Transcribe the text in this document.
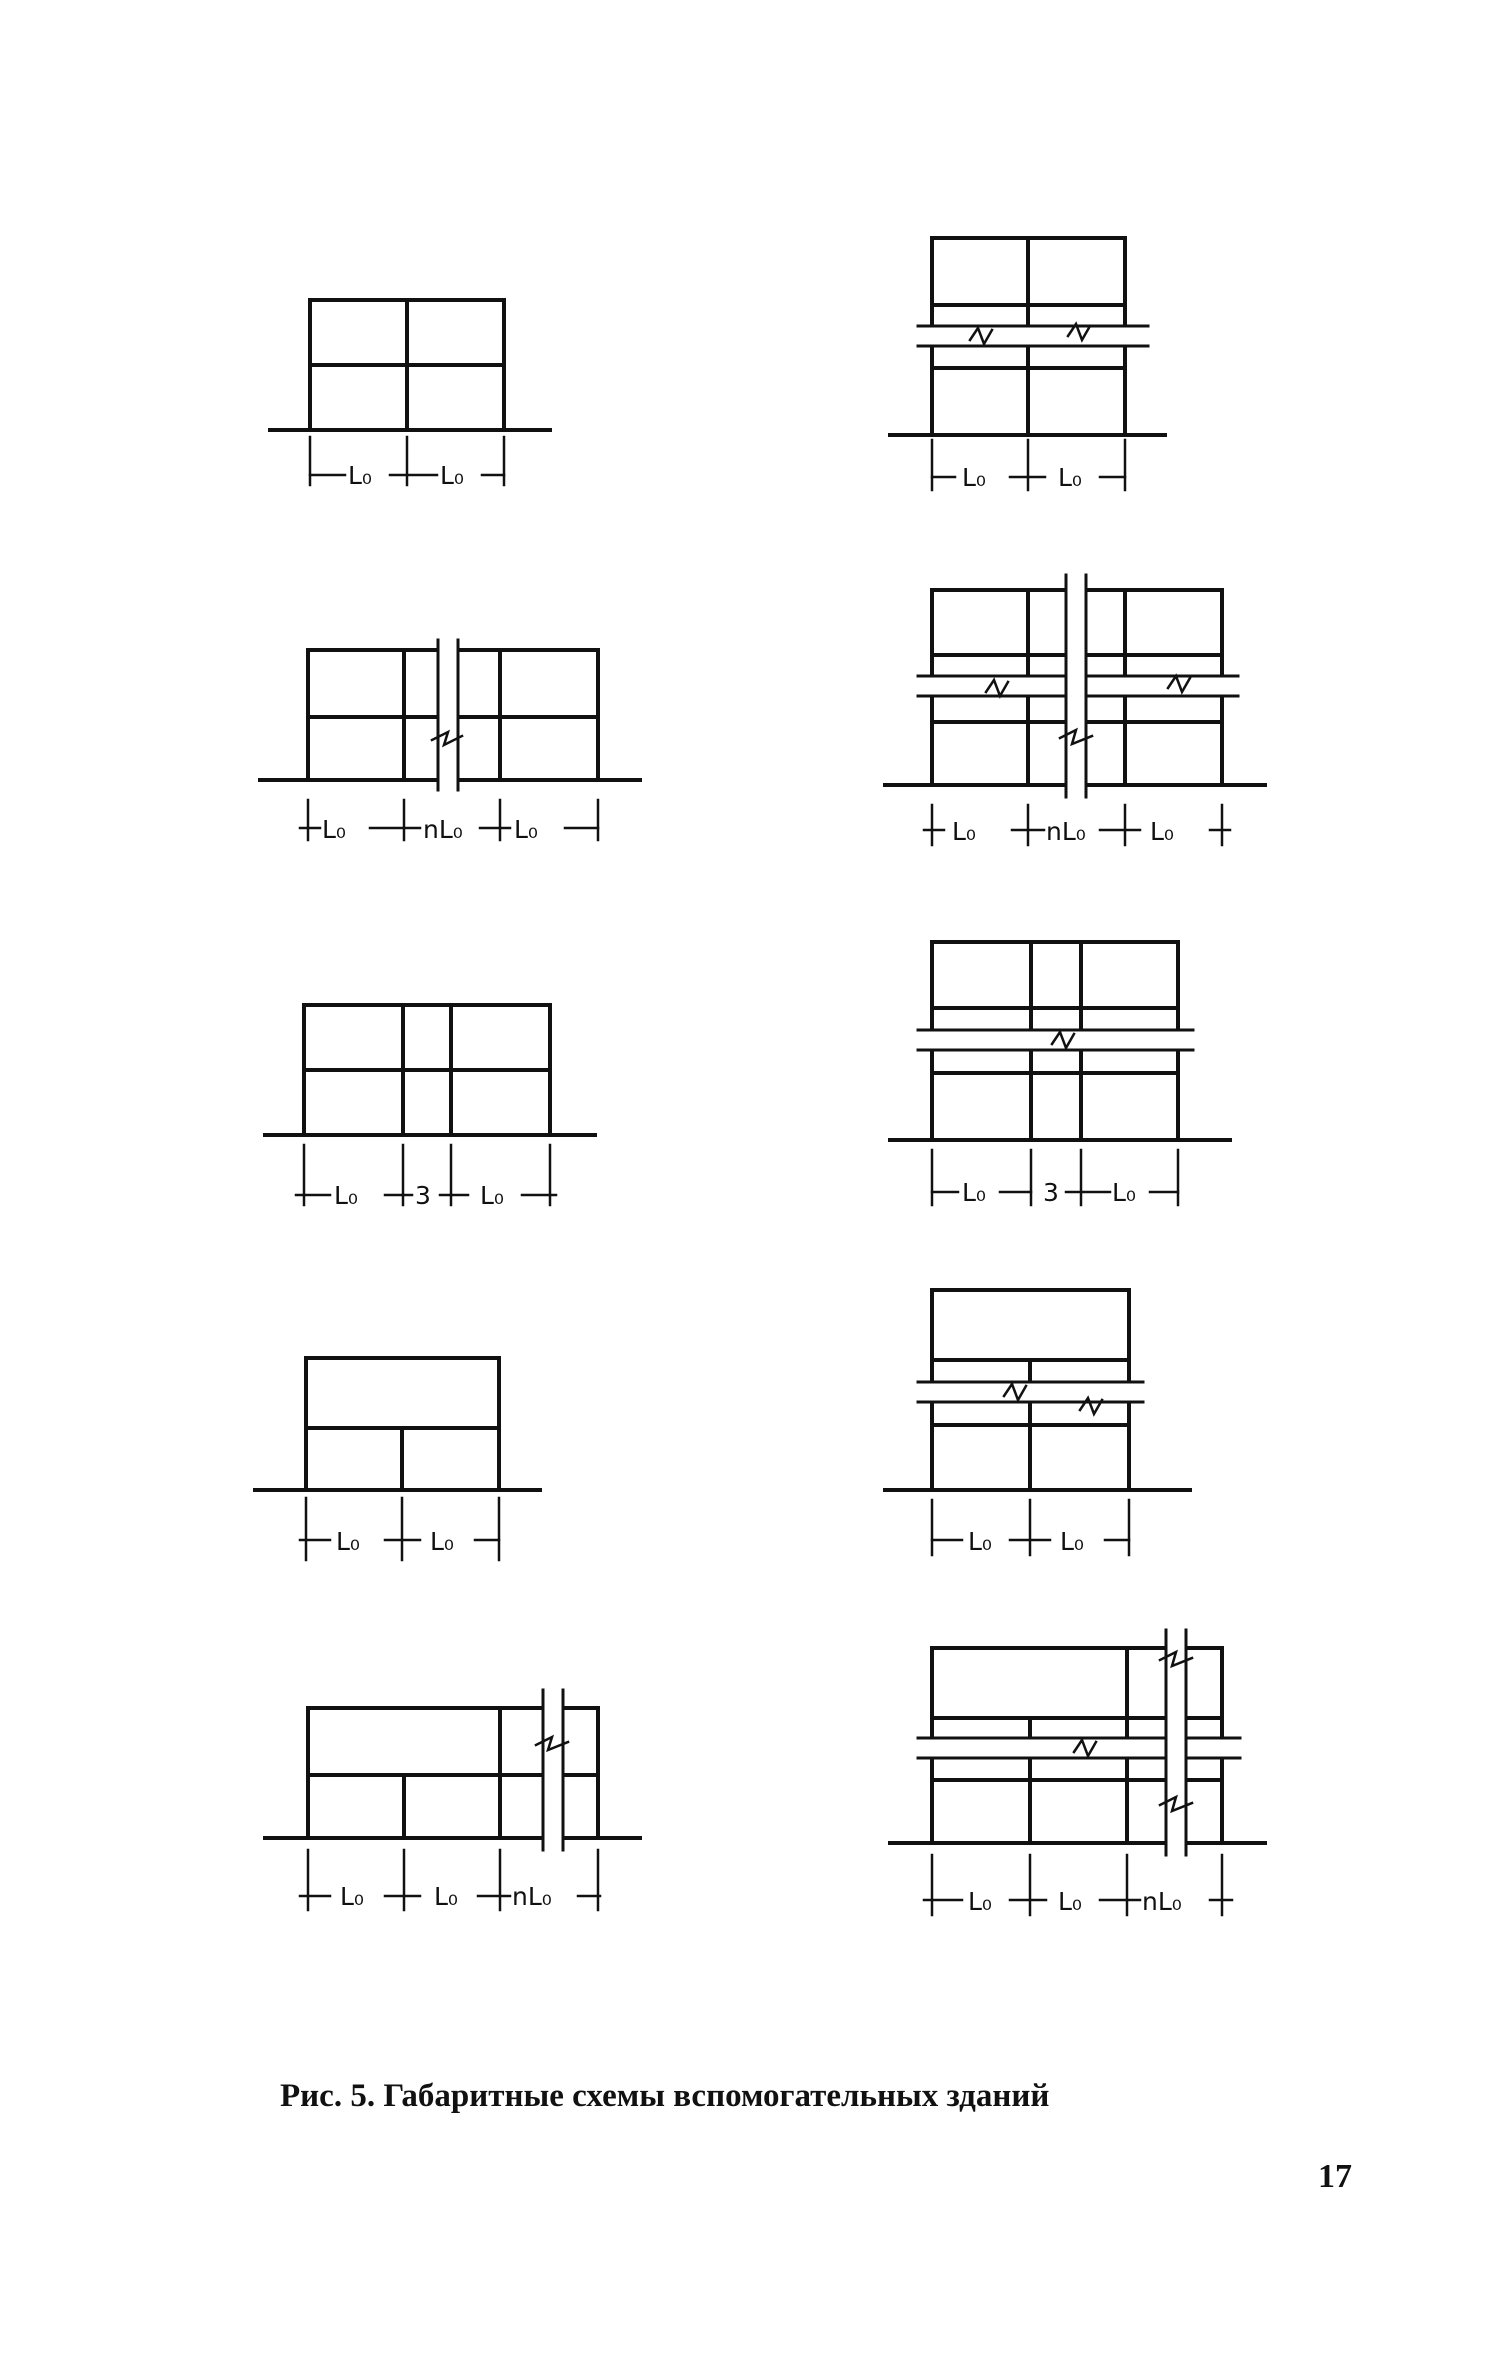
L₀	L₀
L₀	nL₀ L₀
L₀ 3 L₀
L₀	L₀
L₀	L₀ nL₀
L₀	L₀
L₀	nL₀	L₀
L₀ 3 L₀
L₀	L₀
L₀	L₀ nL₀
Рис. 5. Габаритные схемы вспомогательных зданий
17
